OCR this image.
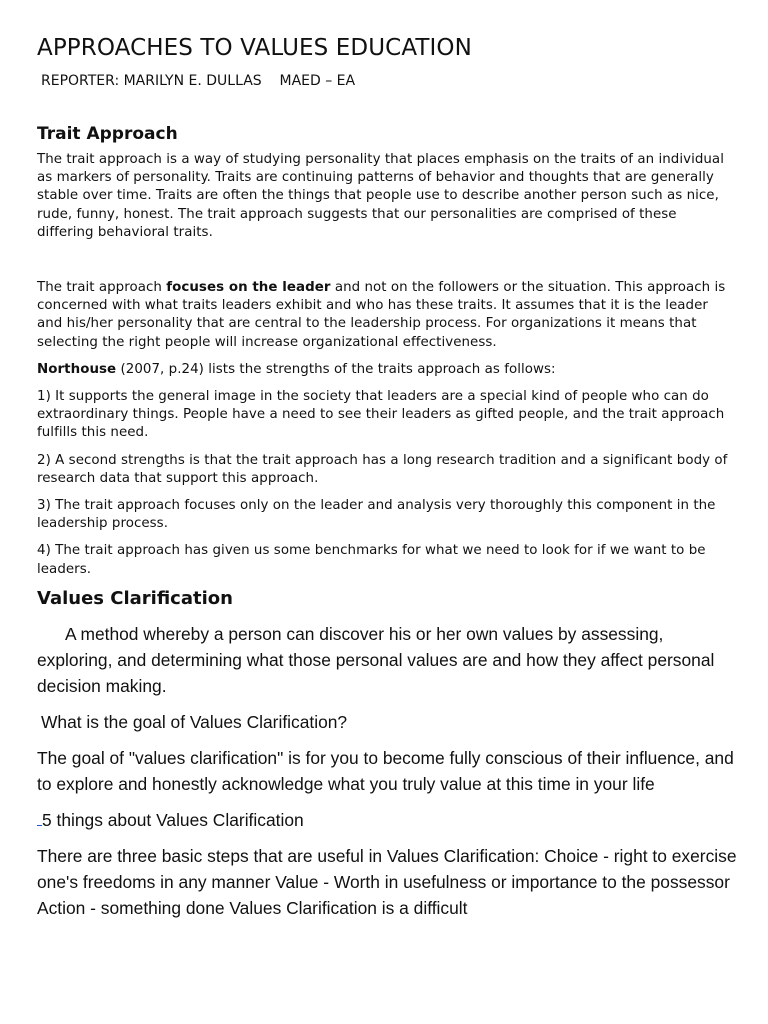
APPROACHES TO VALUES EDUCATION
REPORTER: MARILYN E. DULLAS    MAED – EA
Trait Approach

The trait approach is a way of studying personality that places emphasis on the traits of an individual as markers of personality. Traits are continuing patterns of behavior and thoughts that are generally stable over time. Traits are often the things that people use to describe another person such as nice, rude, funny, honest. The trait approach suggests that our personalities are comprised of these differing behavioral traits.

The trait approach focuses on the leader and not on the followers or the situation. This approach is concerned with what traits leaders exhibit and who has these traits. It assumes that it is the leader and his/her personality that are central to the leadership process. For organizations it means that selecting the right people will increase organizational effectiveness.

Northouse (2007, p.24) lists the strengths of the traits approach as follows:

1) It supports the general image in the society that leaders are a special kind of people who can do extraordinary things. People have a need to see their leaders as gifted people, and the trait approach fulfills this need.

2) A second strengths is that the trait approach has a long research tradition and a significant body of research data that support this approach.

3) The trait approach focuses only on the leader and analysis very thoroughly this component in the leadership process.

4) The trait approach has given us some benchmarks for what we need to look for if we want to be leaders.

Values Clarification

A method whereby a person can discover his or her own values by assessing, exploring, and determining what those personal values are and how they affect personal decision making.

What is the goal of Values Clarification?

The goal of "values clarification" is for you to become fully conscious of their influence, and to explore and honestly acknowledge what you truly value at this time in your life

5 things about Values Clarification

There are three basic steps that are useful in Values Clarification: Choice - right to exercise one's freedoms in any manner Value - Worth in usefulness or importance to the possessor Action - something done Values Clarification is a difficult
